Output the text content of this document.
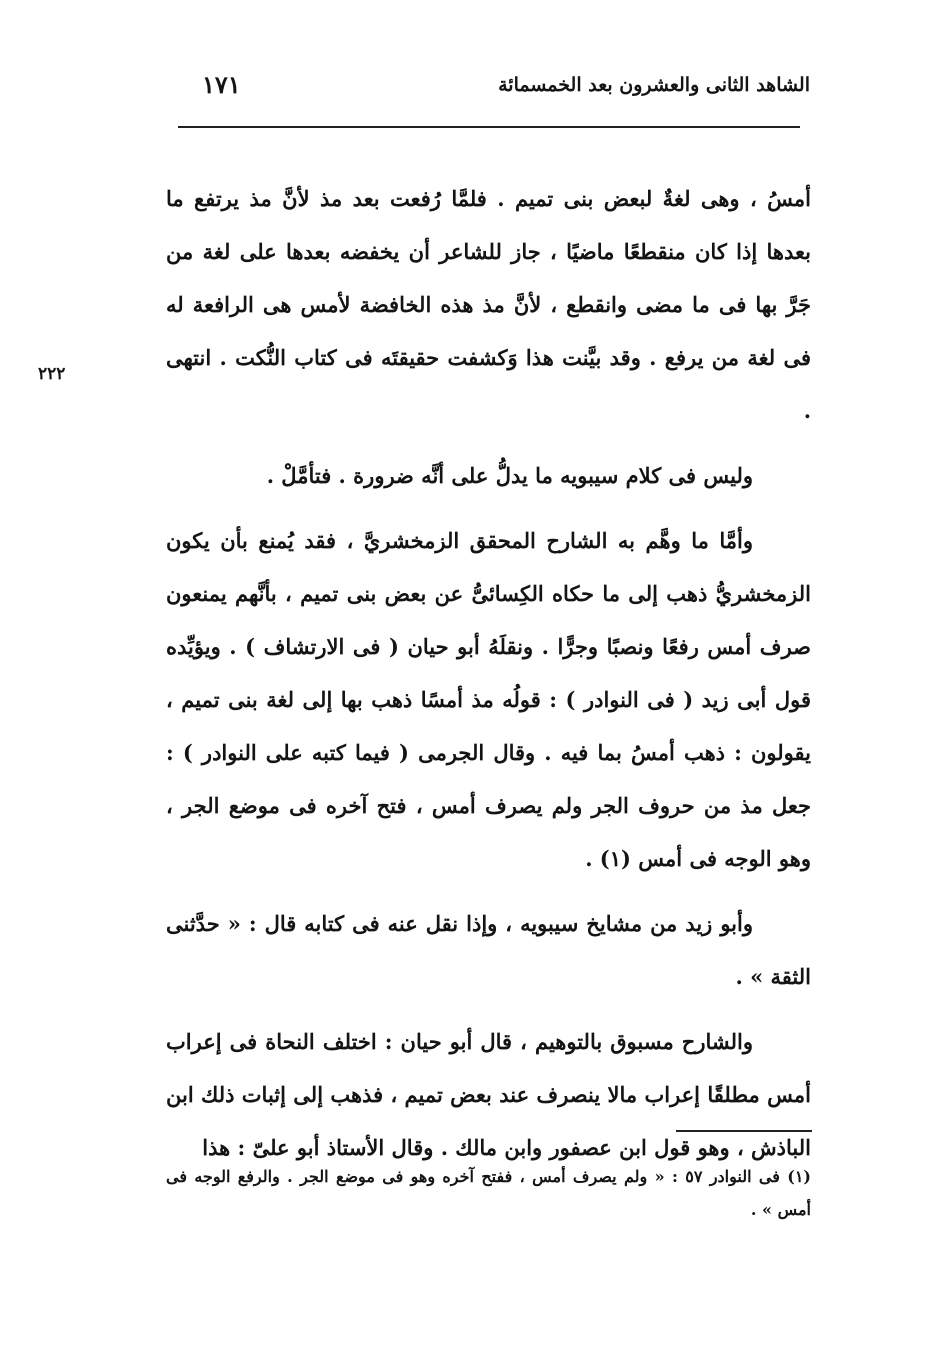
الشاهد الثانى والعشرون بعد الخمسمائة
١٧١
٢٢٢

أمسُ ، وهى لغةٌ لبعض بنى تميم . فلمَّا رُفعت بعد مذ لأنَّ مذ يرتفع ما بعدها إذا كان منقطعًا ماضيًا ، جاز للشاعر أن يخفضه بعدها على لغة من جَرَّ بها فى ما مضى وانقطع ، لأنَّ مذ هذه الخافضة لأمس هى الرافعة له فى لغة من يرفع . وقد بيَّنت هذا وَكشفت حقيقتَه فى كتاب النُّكت . انتهى .

وليس فى كلام سيبويه ما يدلُّ على أنَّه ضرورة . فتأمَّلْ .

وأمَّا ما وهَّم به الشارح المحقق الزمخشريَّ ، فقد يُمنع بأن يكون الزمخشريُّ ذهب إلى ما حكاه الكِسائىُّ عن بعض بنى تميم ، بأنَّهم يمنعون صرف أمس رفعًا ونصبًا وجرًّا . ونقلَهُ أبو حيان ( فى الارتشاف ) . ويؤيِّده قول أبى زيد ( فى النوادر ) : قولُه مذ أمسًا ذهب بها إلى لغة بنى تميم ، يقولون : ذهب أمسُ بما فيه . وقال الجرمى ( فيما كتبه على النوادر ) : جعل مذ من حروف الجر ولم يصرف أمس ، فتح آخره فى موضع الجر ، وهو الوجه فى أمس (١) .

وأبو زيد من مشايخ سيبويه ، وإذا نقل عنه فى كتابه قال : « حدَّثنى الثقة » .

والشارح مسبوق بالتوهيم ، قال أبو حيان : اختلف النحاة فى إعراب أمس مطلقًا إعراب مالا ينصرف عند بعض تميم ، فذهب إلى إثبات ذلك ابن الباذش ، وهو قول ابن عصفور وابن مالك . وقال الأستاذ أبو علىّ : هذا

(١) فى النوادر ٥٧ : « ولم يصرف أمس ، ففتح آخره وهو فى موضع الجر . والرفع الوجه فى أمس » .
